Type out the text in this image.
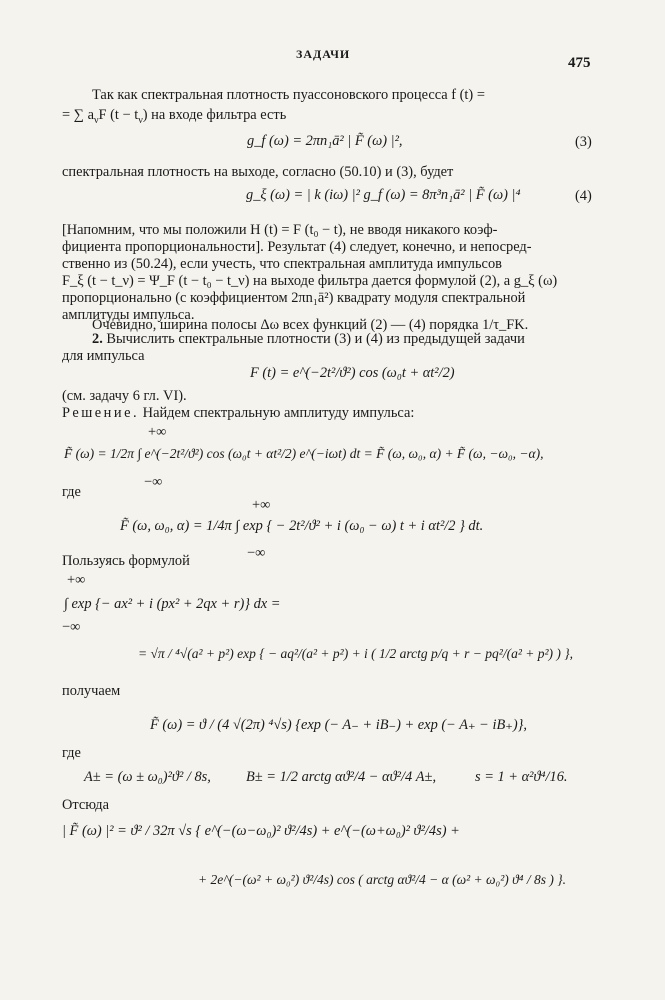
ЗАДАЧИ
475
Так как спектральная плотность пуассоновского процесса f (t) =
= ∑ $a_\nu F$ $(t - t_\nu)$ на входе фильтра есть
g_f (ω) = 2πn₁ā² | F̃ (ω) |²,	(3)
спектральная плотность на выходе, согласно (50.10) и (3), будет
g_ξ (ω) = | k (iω) |² g_f (ω) = 8π³n₁ā² | F̃ (ω) |⁴	(4)
[Напомним, что мы положили H (t) = F (t₀ − t), не вводя никакого коэф-
фициента пропорциональности]. Результат (4) следует, конечно, и непосред-
ственно из (50.24), если учесть, что спектральная амплитуда импульсов
F_ξ (t − t_ν) = Ψ_F (t − t₀ − t_ν) на выходе фильтра дается формулой (2), а g_ξ (ω)
пропорционально (с коэффициентом 2πn₁ā²) квадрату модуля спектральной
амплитуды импульса.
Очевидно, ширина полосы Δω всех функций (2) — (4) порядка 1/τ_FK.
2. Вычислить спектральные плотности (3) и (4) из предыдущей задачи
для импульса
F (t) = e^(−2t²/ϑ²) cos (ω₀t + αt²/2)
(см. задачу 6 гл. VI).
Решение. Найдем спектральную амплитуду импульса:
+∞
−∞
F̃ (ω) = 1/2π ∫ e^(−2t²/ϑ²) cos (ω₀t + αt²/2) e^(−iωt) dt = F̃ (ω, ω₀, α) + F̃ (ω, −ω₀, −α),
где
+∞
−∞
F̃ (ω, ω₀, α) = 1/4π ∫ exp { − 2t²/ϑ² + i (ω₀ − ω) t + i αt²/2 } dt.
Пользуясь формулой
+∞
−∞
∫ exp {− ax² + i (px² + 2qx + r)} dx =
= √π / ⁴√(a² + p²) exp { − aq²/(a² + p²) + i ( 1/2 arctg p/q + r − pq²/(a² + p²) ) },
получаем
F̃ (ω) = ϑ / (4 √(2π) ⁴√s) {exp (− A₋ + iB₋) + exp (− A₊ − iB₊)},
где
A± = (ω ± ω₀)²ϑ² / 8s, B± = 1/2 arctg αϑ²/4 − αϑ²/4 A±,	s = 1 + α²ϑ⁴/16.
Отсюда
| F̃ (ω) |² = ϑ² / 32π √s { e^(−(ω−ω₀)² ϑ²/4s) + e^(−(ω+ω₀)² ϑ²/4s) +
+ 2e^(−(ω² + ω₀²) ϑ²/4s) cos ( arctg αϑ²/4 − α (ω² + ω₀²) ϑ⁴ / 8s ) }.
